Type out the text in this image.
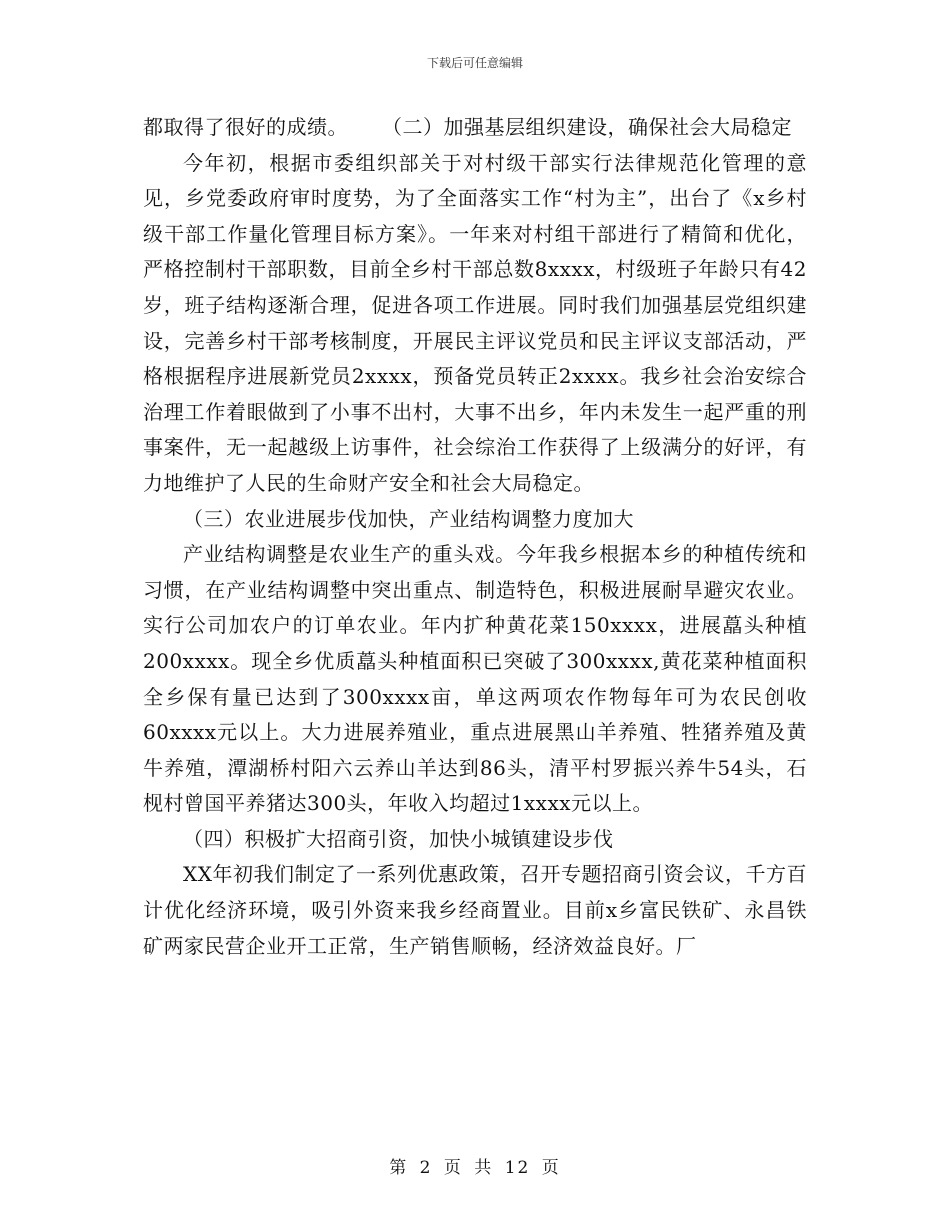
下载后可任意编辑

都取得了很好的成绩。 （二）加强基层组织建设，确保社会大局稳定

今年初，根据市委组织部关于对村级干部实行法律规范化管理的意见，乡党委政府审时度势，为了全面落实工作“村为主”，出台了《x乡村级干部工作量化管理目标方案》。一年来对村组干部进行了精简和优化，严格控制村干部职数，目前全乡村干部总数8xxxx，村级班子年龄只有42岁，班子结构逐渐合理，促进各项工作进展。同时我们加强基层党组织建设，完善乡村干部考核制度，开展民主评议党员和民主评议支部活动，严格根据程序进展新党员2xxxx，预备党员转正2xxxx。我乡社会治安综合治理工作着眼做到了小事不出村，大事不出乡，年内未发生一起严重的刑事案件，无一起越级上访事件，社会综治工作获得了上级满分的好评，有力地维护了人民的生命财产安全和社会大局稳定。

（三）农业进展步伐加快，产业结构调整力度加大

产业结构调整是农业生产的重头戏。今年我乡根据本乡的种植传统和习惯，在产业结构调整中突出重点、制造特色，积极进展耐旱避灾农业。实行公司加农户的订单农业。年内扩种黄花菜150xxxx，进展藠头种植200xxxx。现全乡优质藠头种植面积已突破了300xxxx,黄花菜种植面积全乡保有量已达到了300xxxx亩，单这两项农作物每年可为农民创收60xxxx元以上。大力进展养殖业，重点进展黑山羊养殖、牲猪养殖及黄牛养殖，潭湖桥村阳六云养山羊达到86头，清平村罗振兴养牛54头，石枧村曾国平养猪达300头，年收入均超过1xxxx元以上。

（四）积极扩大招商引资，加快小城镇建设步伐

XX年初我们制定了一系列优惠政策，召开专题招商引资会议，千方百计优化经济环境，吸引外资来我乡经商置业。目前x乡富民铁矿、永昌铁矿两家民营企业开工正常，生产销售顺畅，经济效益良好。厂

第 2 页 共 12 页
